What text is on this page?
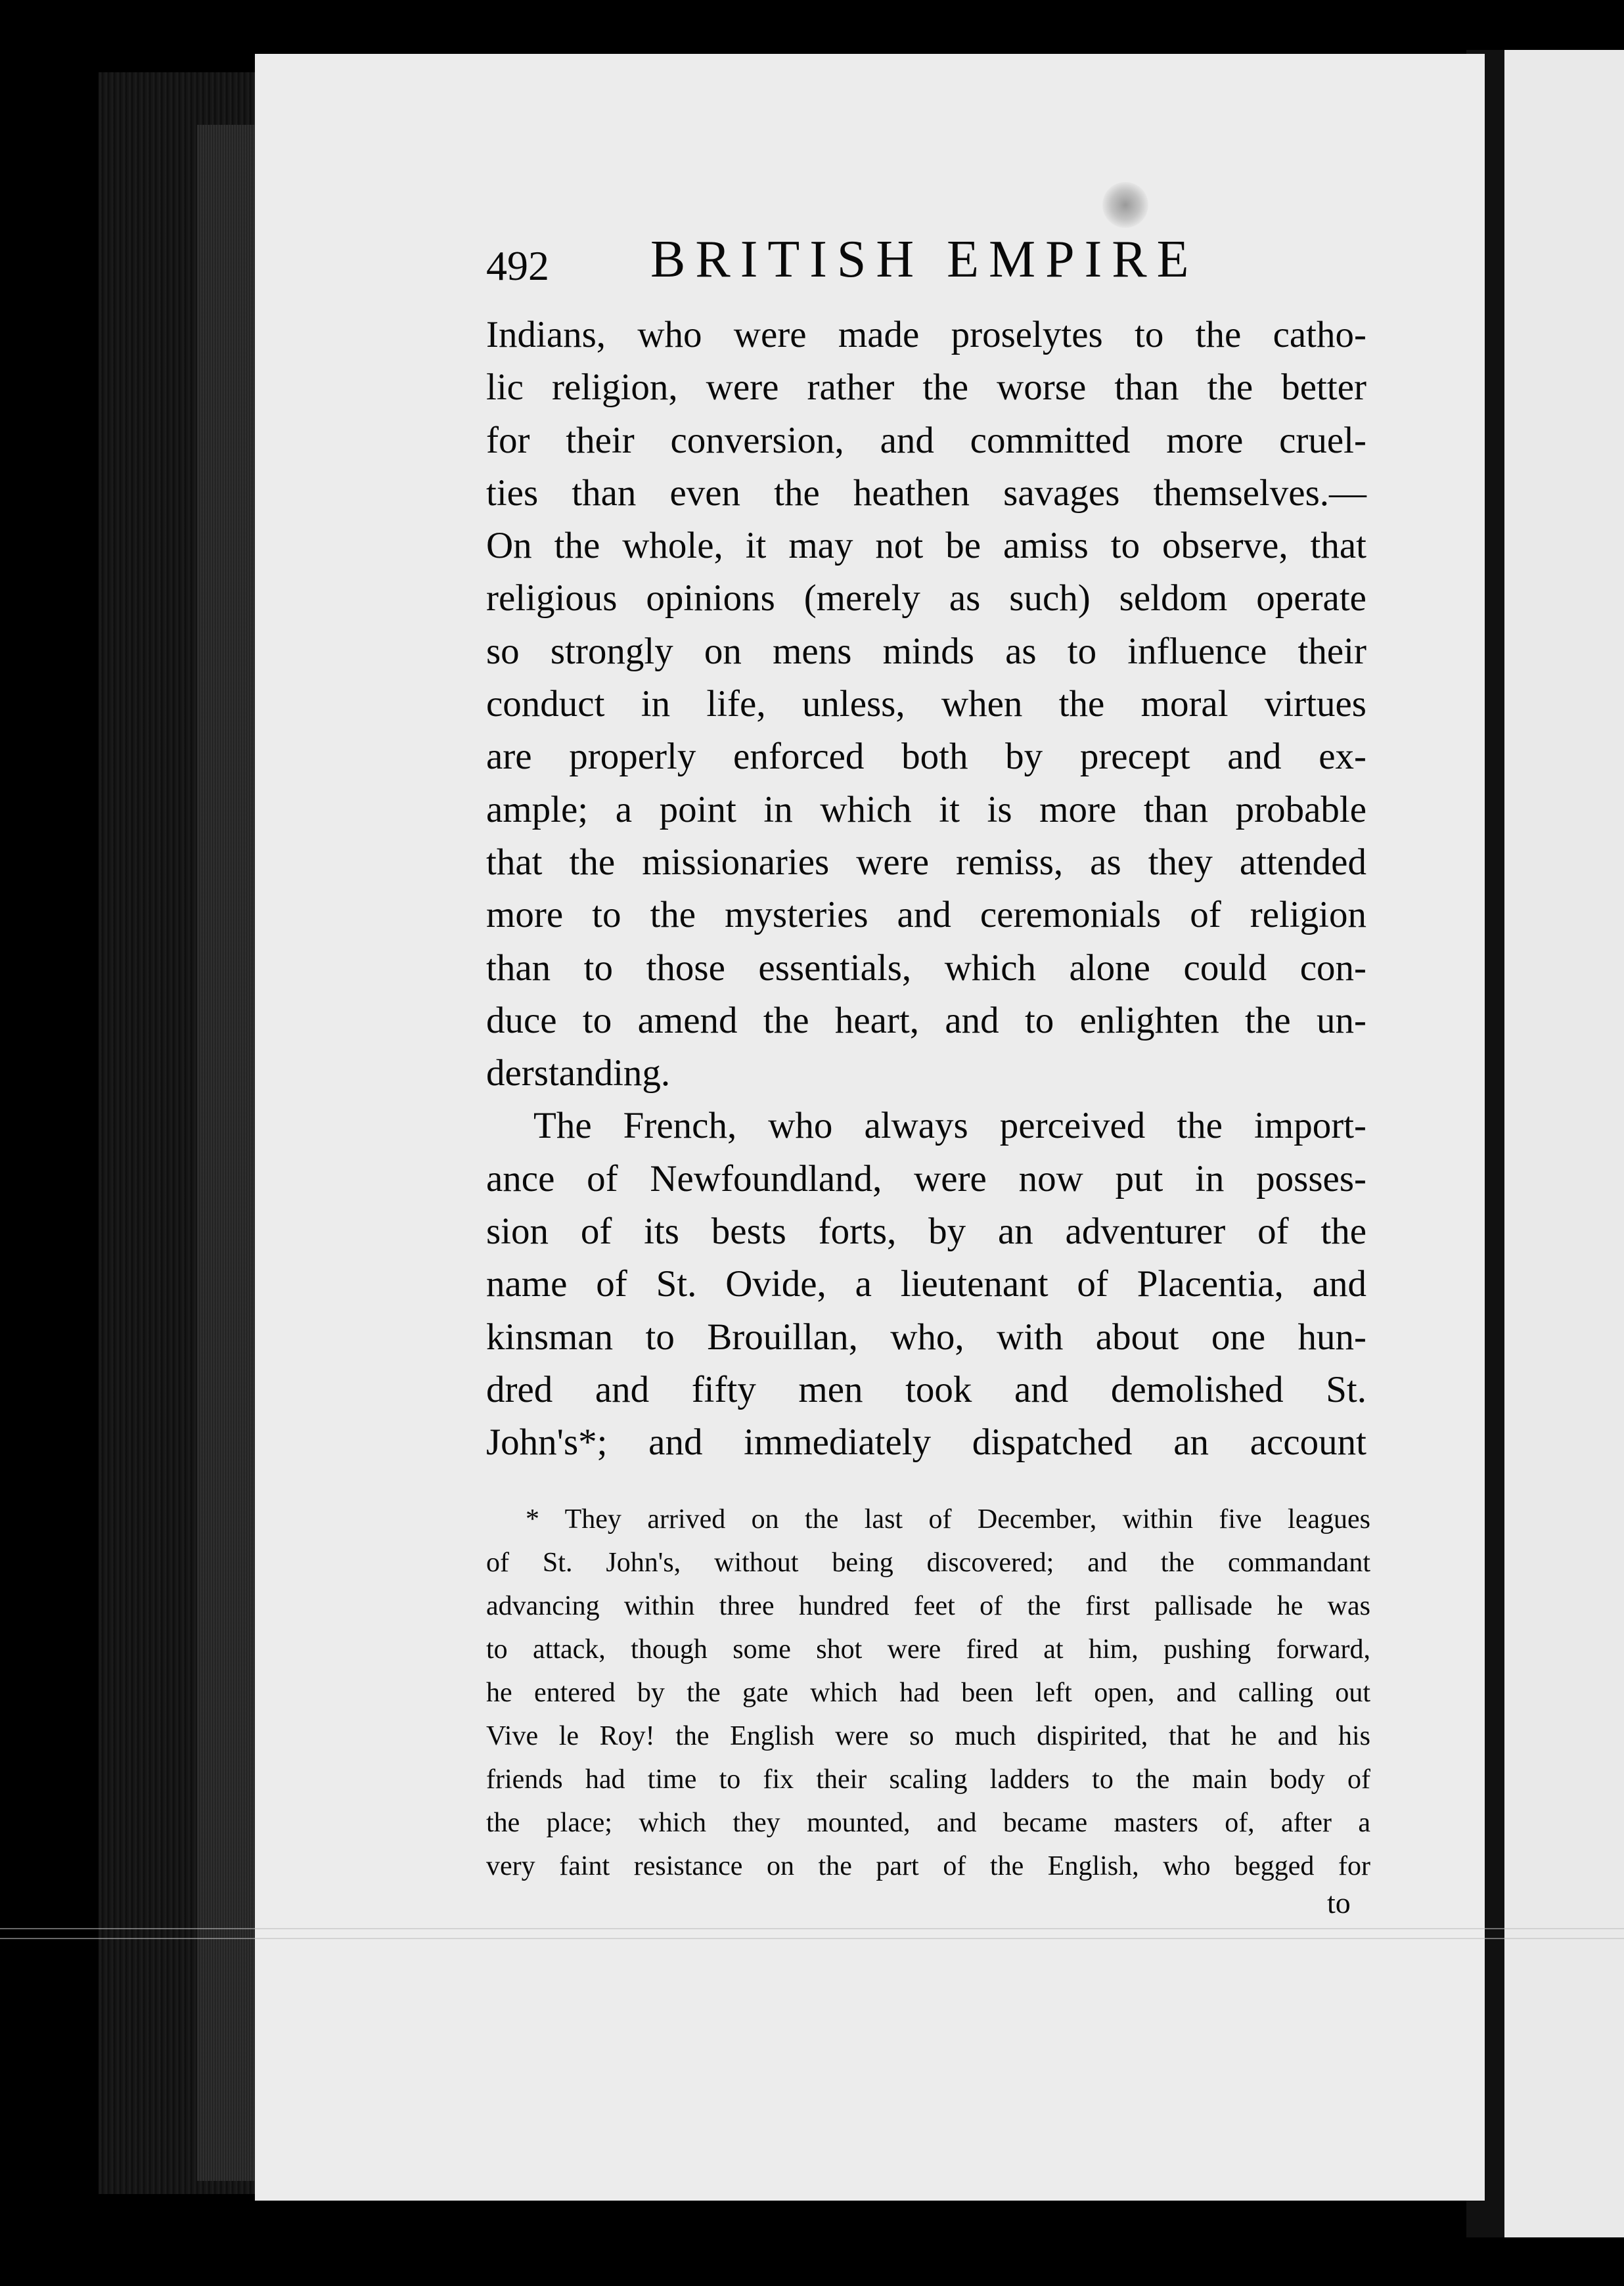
492 BRITISH EMPIRE
Indians, who were made proselytes to the catho-
lic religion, were rather the worse than the better
for their conversion, and committed more cruel-
ties than even the heathen savages themselves.—
On the whole, it may not be amiss to observe, that
religious opinions (merely as such) seldom operate
so strongly on mens minds as to influence their
conduct in life, unless, when the moral virtues
are properly enforced both by precept and ex-
ample; a point in which it is more than probable
that the missionaries were remiss, as they attended
more to the mysteries and ceremonials of religion
than to those essentials, which alone could con-
duce to amend the heart, and to enlighten the un-
derstanding.
The French, who always perceived the import-
ance of Newfoundland, were now put in posses-
sion of its bests forts, by an adventurer of the
name of St. Ovide, a lieutenant of Placentia, and
kinsman to Brouillan, who, with about one hun-
dred and fifty men took and demolished St.
John's*; and immediately dispatched an account
* They arrived on the last of December, within five leagues
of St. John's, without being discovered; and the commandant
advancing within three hundred feet of the first pallisade he was
to attack, though some shot were fired at him, pushing forward,
he entered by the gate which had been left open, and calling out
Vive le Roy! the English were so much dispirited, that he and his
friends had time to fix their scaling ladders to the main body of
the place; which they mounted, and became masters of, after a
very faint resistance on the part of the English, who begged for
to
